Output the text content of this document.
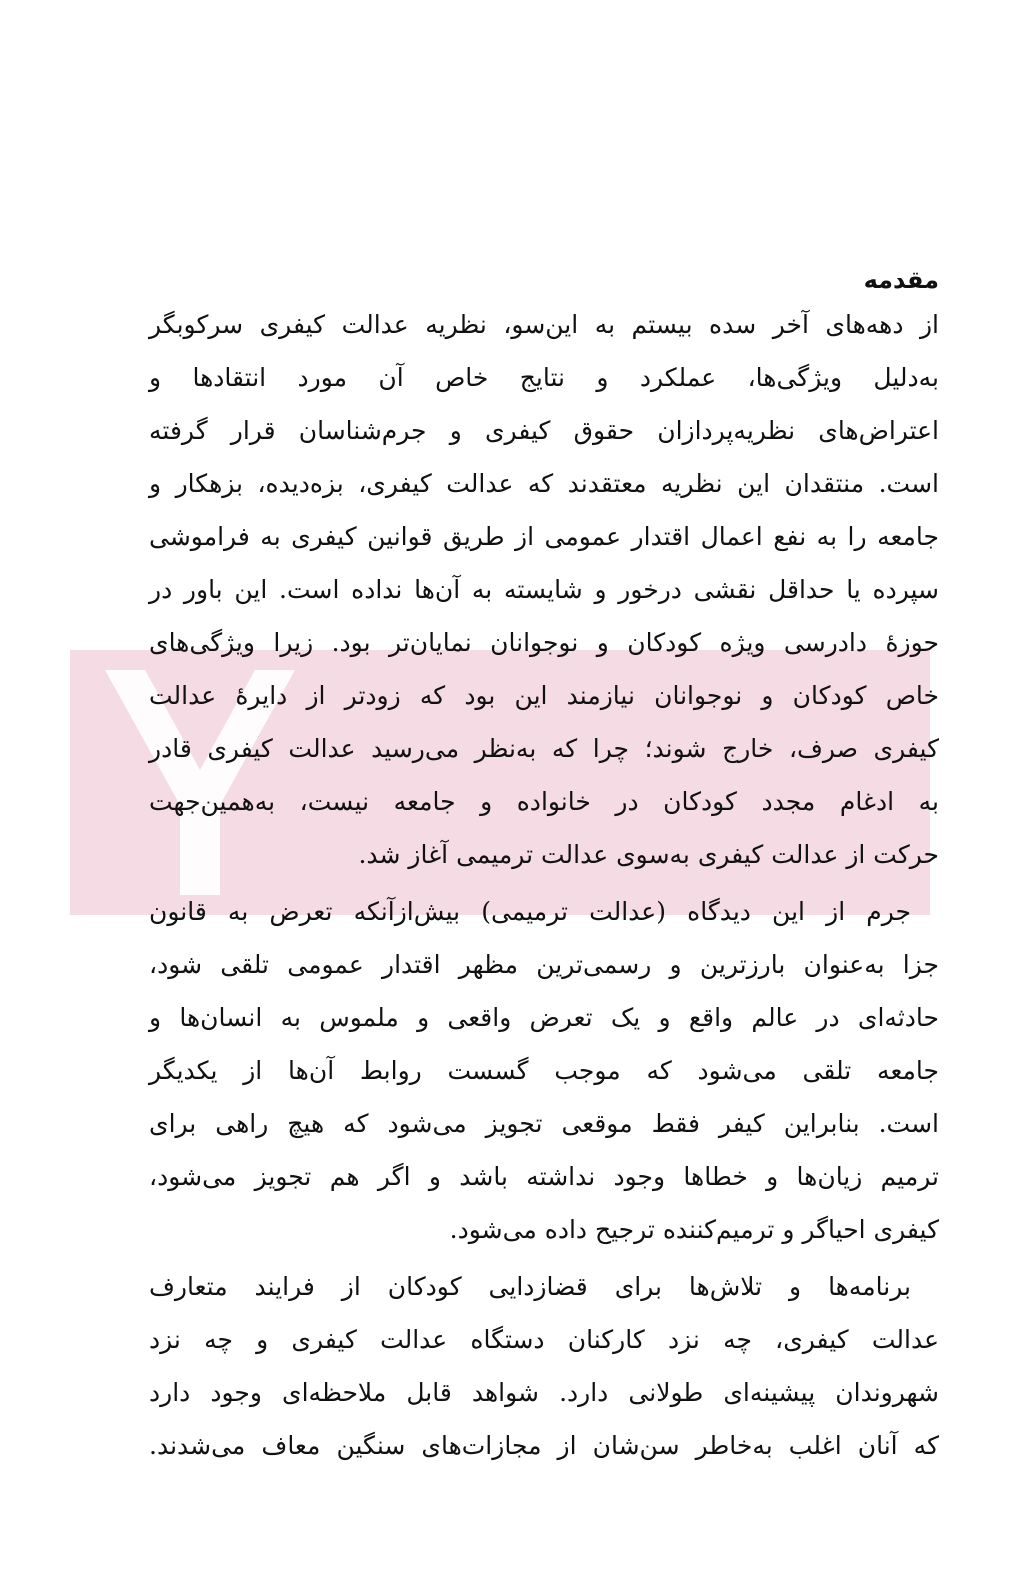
مقدمه
از دهه‌های آخر سده بیستم به این‌سو، نظریه عدالت کیفری سرکوبگر
به‌دلیل ویژگی‌ها، عملکرد و نتایج خاص آن مورد انتقادها و
اعتراض‌های نظریه‌پردازان حقوق کیفری و جرم‌شناسان قرار گرفته
است. منتقدان این نظریه معتقدند که عدالت کیفری، بزه‌دیده، بزهکار و
جامعه را به نفع اعمال اقتدار عمومی از طریق قوانین کیفری به فراموشی
سپرده یا حداقل نقشی درخور و شایسته به آن‌ها نداده است. این باور در
حوزهٔ دادرسی ویژه کودکان و نوجوانان نمایان‌تر بود. زیرا ویژگی‌های
خاص کودکان و نوجوانان نیازمند این بود که زودتر از دایرهٔ عدالت
کیفری صرف، خارج شوند؛ چرا که به‌نظر می‌رسید عدالت کیفری قادر
به ادغام مجدد کودکان در خانواده و جامعه نیست، به‌همین‌جهت
حرکت از عدالت کیفری به‌سوی عدالت ترمیمی آغاز شد.
جرم از این دیدگاه (عدالت ترمیمی) بیش‌ازآنکه تعرض به قانون
جزا به‌عنوان بارزترین و رسمی‌ترین مظهر اقتدار عمومی تلقی شود،
حادثه‌ای در عالم واقع و یک تعرض واقعی و ملموس به انسان‌ها و
جامعه تلقی می‌شود که موجب گسست روابط آن‌ها از یکدیگر
است. بنابراین کیفر فقط موقعی تجویز می‌شود که هیچ راهی برای
ترمیم زیان‌ها و خطاها وجود نداشته باشد و اگر هم تجویز می‌شود،
کیفری احیاگر و ترمیم‌کننده ترجیح داده می‌شود.
برنامه‌ها و تلاش‌ها برای قضازدایی کودکان از فرایند متعارف
عدالت کیفری، چه نزد کارکنان دستگاه عدالت کیفری و چه نزد
شهروندان پیشینه‌ای طولانی دارد. شواهد قابل ملاحظه‌ای وجود دارد
که آنان اغلب به‌خاطر سن‌شان از مجازات‌های سنگین معاف می‌شدند.
